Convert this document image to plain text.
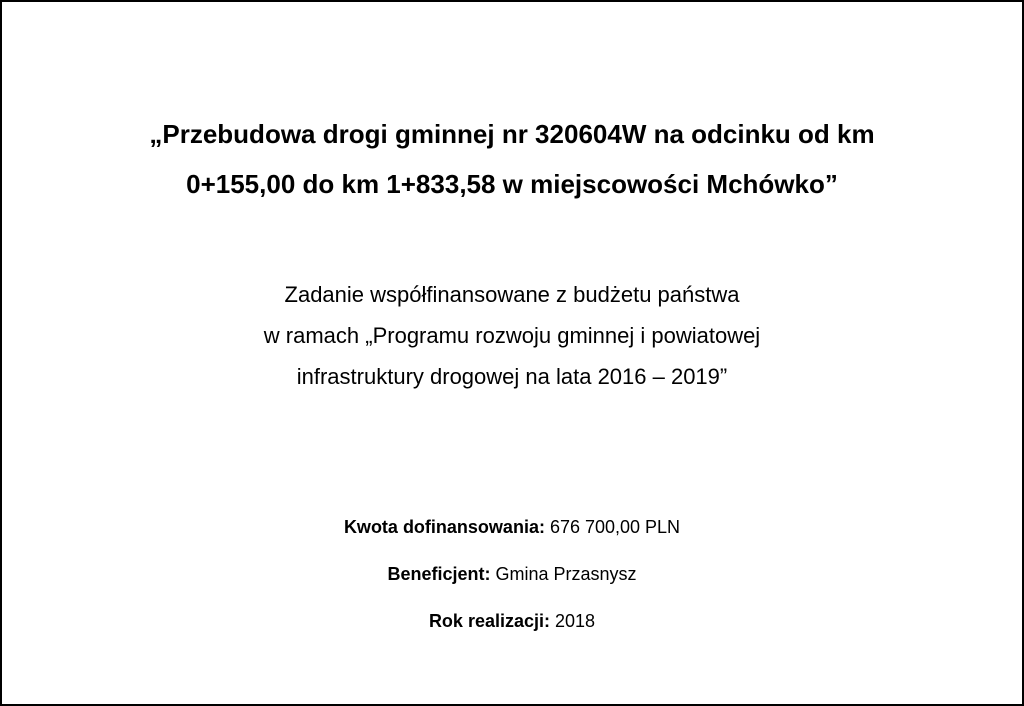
„Przebudowa drogi gminnej nr 320604W na odcinku od km
0+155,00 do km 1+833,58 w miejscowości Mchówko”

Zadanie współfinansowane z budżetu państwa
w ramach „Programu rozwoju gminnej i powiatowej
infrastruktury drogowej na lata 2016 – 2019”

Kwota dofinansowania: 676 700,00 PLN
Beneficjent: Gmina Przasnysz
Rok realizacji: 2018
